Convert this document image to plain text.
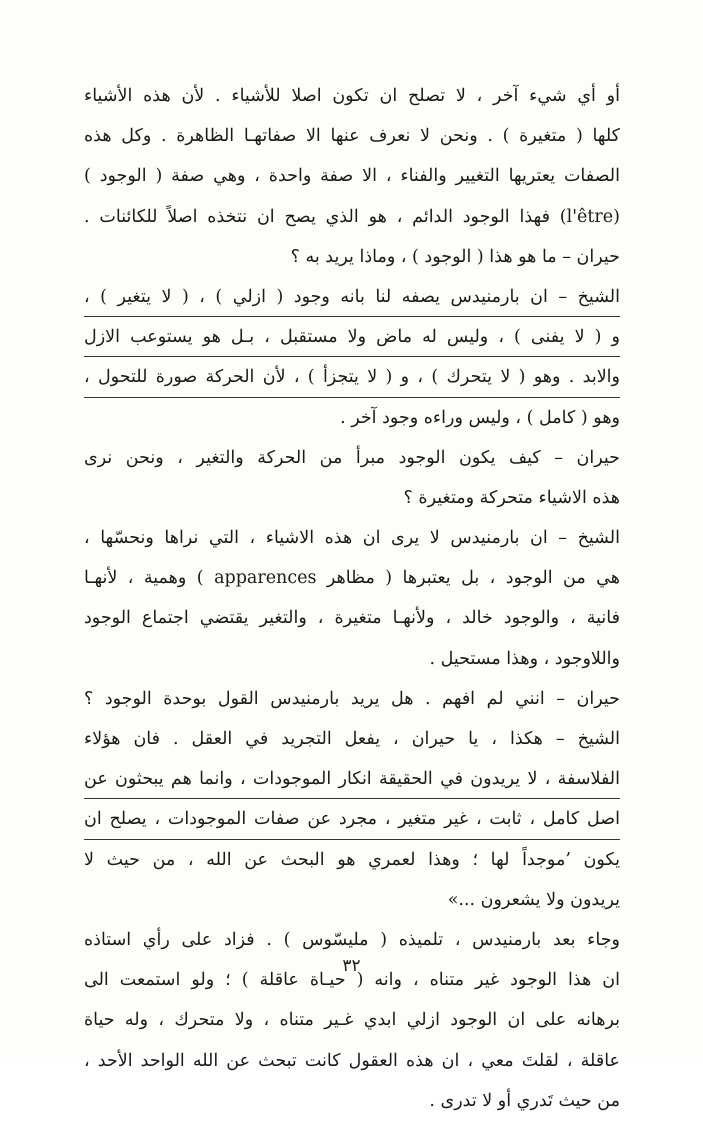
أو أي شيء آخر ، لا تصلح ان تكون اصلا للأشياء . لأن هذه الأشياء
كلها ( متغيرة ) . ونحن لا نعرف عنها الا صفاتهـا الظاهرة . وكل هذه
الصفات يعتريها التغيير والفناء ، الا صفة واحدة ، وهي صفة ( الوجود )
(l'être) فهذا الوجود الدائم ، هو الذي يصح ان نتخذه اصلاً للكائنات .
حيران – ما هو هذا ( الوجود ) ، وماذا يريد به ؟
الشيخ – ان بارمنيدس يصفه لنا بانه وجود ( ازلي ) ، ( لا يتغير ) ،
و ( لا يفنى ) ، وليس له ماض ولا مستقبل ، بـل هو يستوعب الازل
والابد . وهو ( لا يتحرك ) ، و ( لا يتجزأ ) ، لأن الحركة صورة للتحول ،
وهو ( كامل ) ، وليس وراءه وجود آخر .
حيران – كيف يكون الوجود مبرأ من الحركة والتغير ، ونحن نرى
هذه الاشياء متحركة ومتغيرة ؟
الشيخ – ان بارمنيدس لا يرى ان هذه الاشياء ، التي نراها ونحسّها ،
هي من الوجود ، بل يعتبرها ( مظاهر apparences ) وهمية ، لأنهـا
فانية ، والوجود خالد ، ولأنهـا متغيرة ، والتغير يقتضي اجتماع الوجود
واللاوجود ، وهذا مستحيل .
حيران – انني لم افهم . هل يريد بارمنيدس القول بوحدة الوجود ؟
الشيخ – هكذا ، يا حيران ، يفعل التجريد في العقل . فان هؤلاء
الفلاسفة ، لا يريدون في الحقيقة انكار الموجودات ، وانما هم يبحثون عن
اصل كامل ، ثابت ، غير متغير ، مجرد عن صفات الموجودات ، يصلح ان
يكون ’موجداً لها ؛ وهذا لعمري هو البحث عن الله ، من حيث لا
يريدون ولا يشعرون ...»
وجاء بعد بارمنيدس ، تلميذه ( مليسّوس ) . فزاد على رأي استاذه
ان هذا الوجود غير متناه ، وانه ( حيـاة عاقلة ) ؛ ولو استمعت الى
برهانه على ان الوجود ازلي ابدي غـير متناه ، ولا متحرك ، وله حياة
عاقلة ، لقلتَ معي ، ان هذه العقول كانت تبحث عن الله الواحد الأحد ،
من حيث تَدري أو لا تدرى .
٣٢
